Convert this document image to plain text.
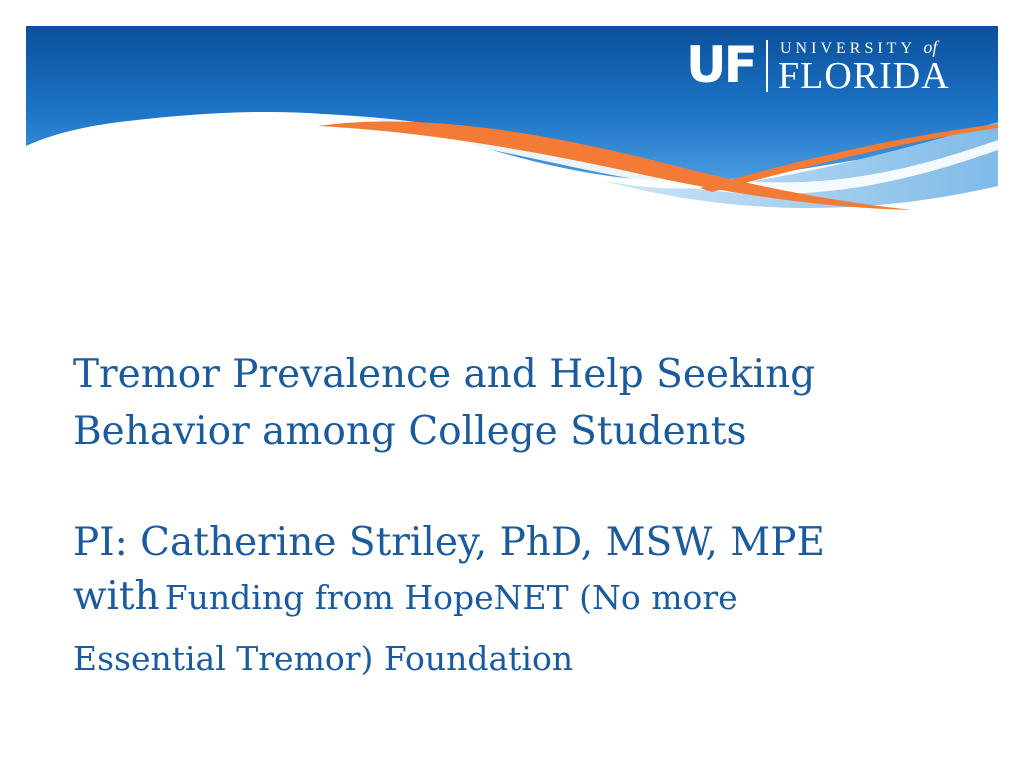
UF UNIVERSITY of
FLORIDA
Tremor Prevalence and Help Seeking
Behavior among College Students
PI: Catherine Striley, PhD, MSW, MPE
with Funding from HopeNET (No more
Essential Tremor) Foundation
